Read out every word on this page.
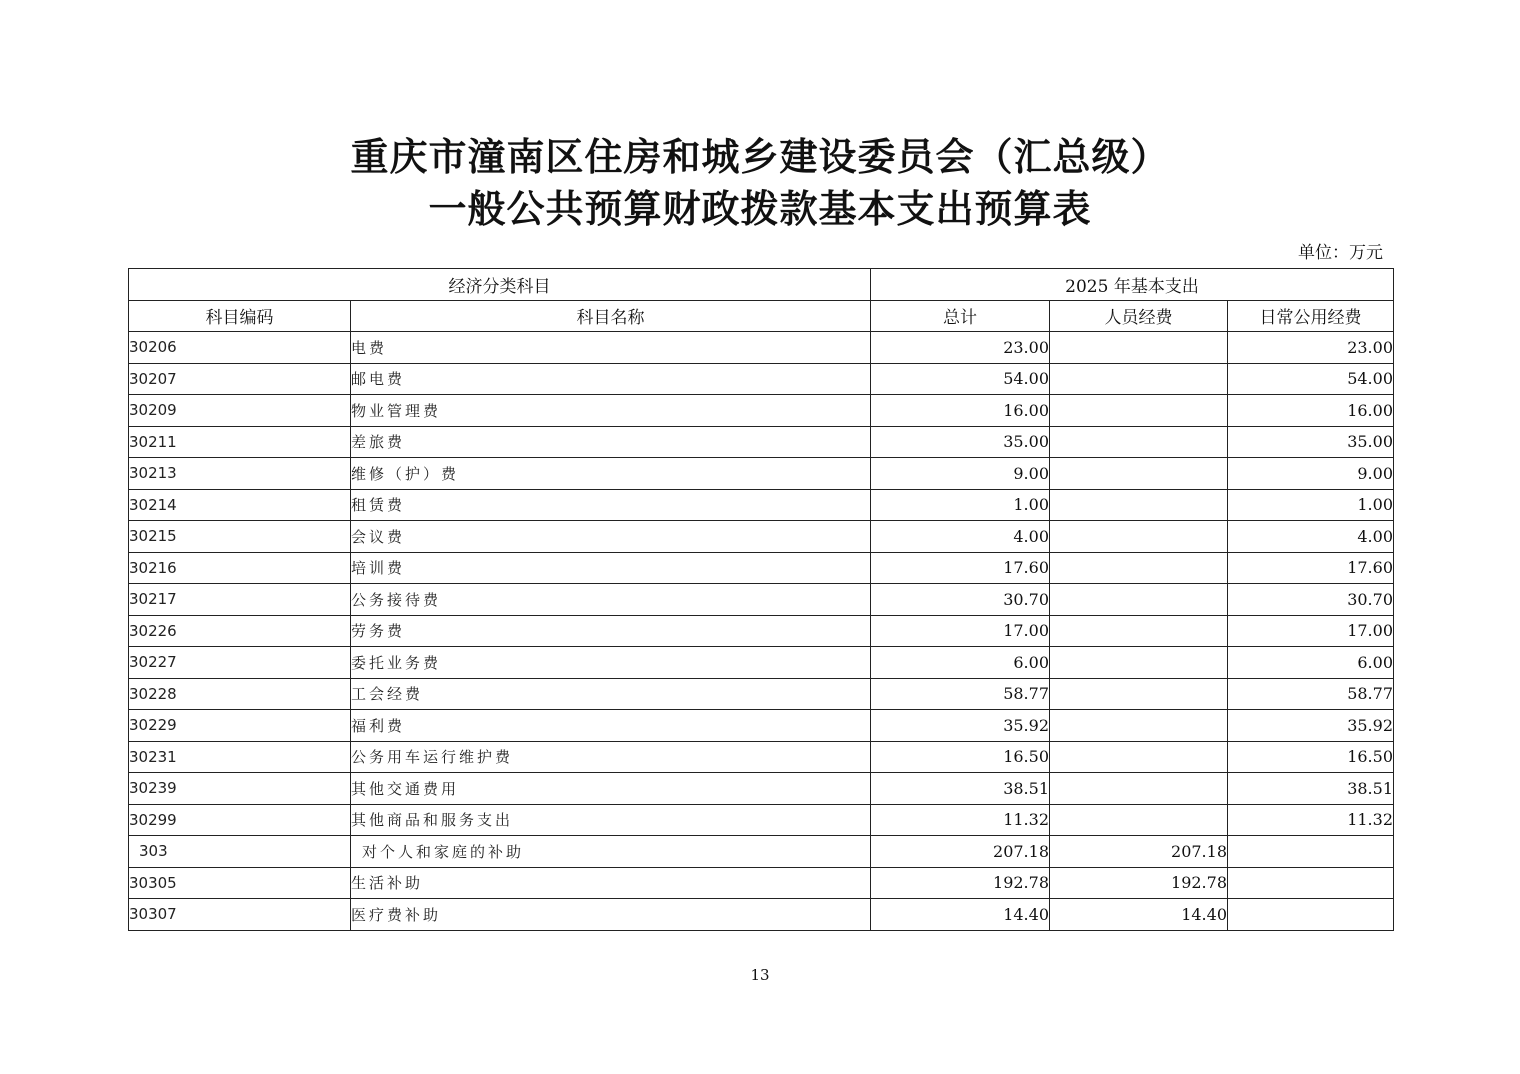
重庆市潼南区住房和城乡建设委员会（汇总级）
一般公共预算财政拨款基本支出预算表
单位：万元
经济分类科目		2025 年基本支出		
科目编码	科目名称	总计	人员经费	日常公用经费
30206	电费	23.00		23.00
30207	邮电费	54.00		54.00
30209	物业管理费	16.00		16.00
30211	差旅费	35.00		35.00
30213	维修（护）费	9.00		9.00
30214	租赁费	1.00		1.00
30215	会议费	4.00		4.00
30216	培训费	17.60		17.60
30217	公务接待费	30.70		30.70
30226	劳务费	17.00		17.00
30227	委托业务费	6.00		6.00
30228	工会经费	58.77		58.77
30229	福利费	35.92		35.92
30231	公务用车运行维护费	16.50		16.50
30239	其他交通费用	38.51		38.51
30299	其他商品和服务支出	11.32		11.32
303	对个人和家庭的补助	207.18	207.18	
30305	生活补助	192.78	192.78	
30307	医疗费补助	14.40	14.40	
13
